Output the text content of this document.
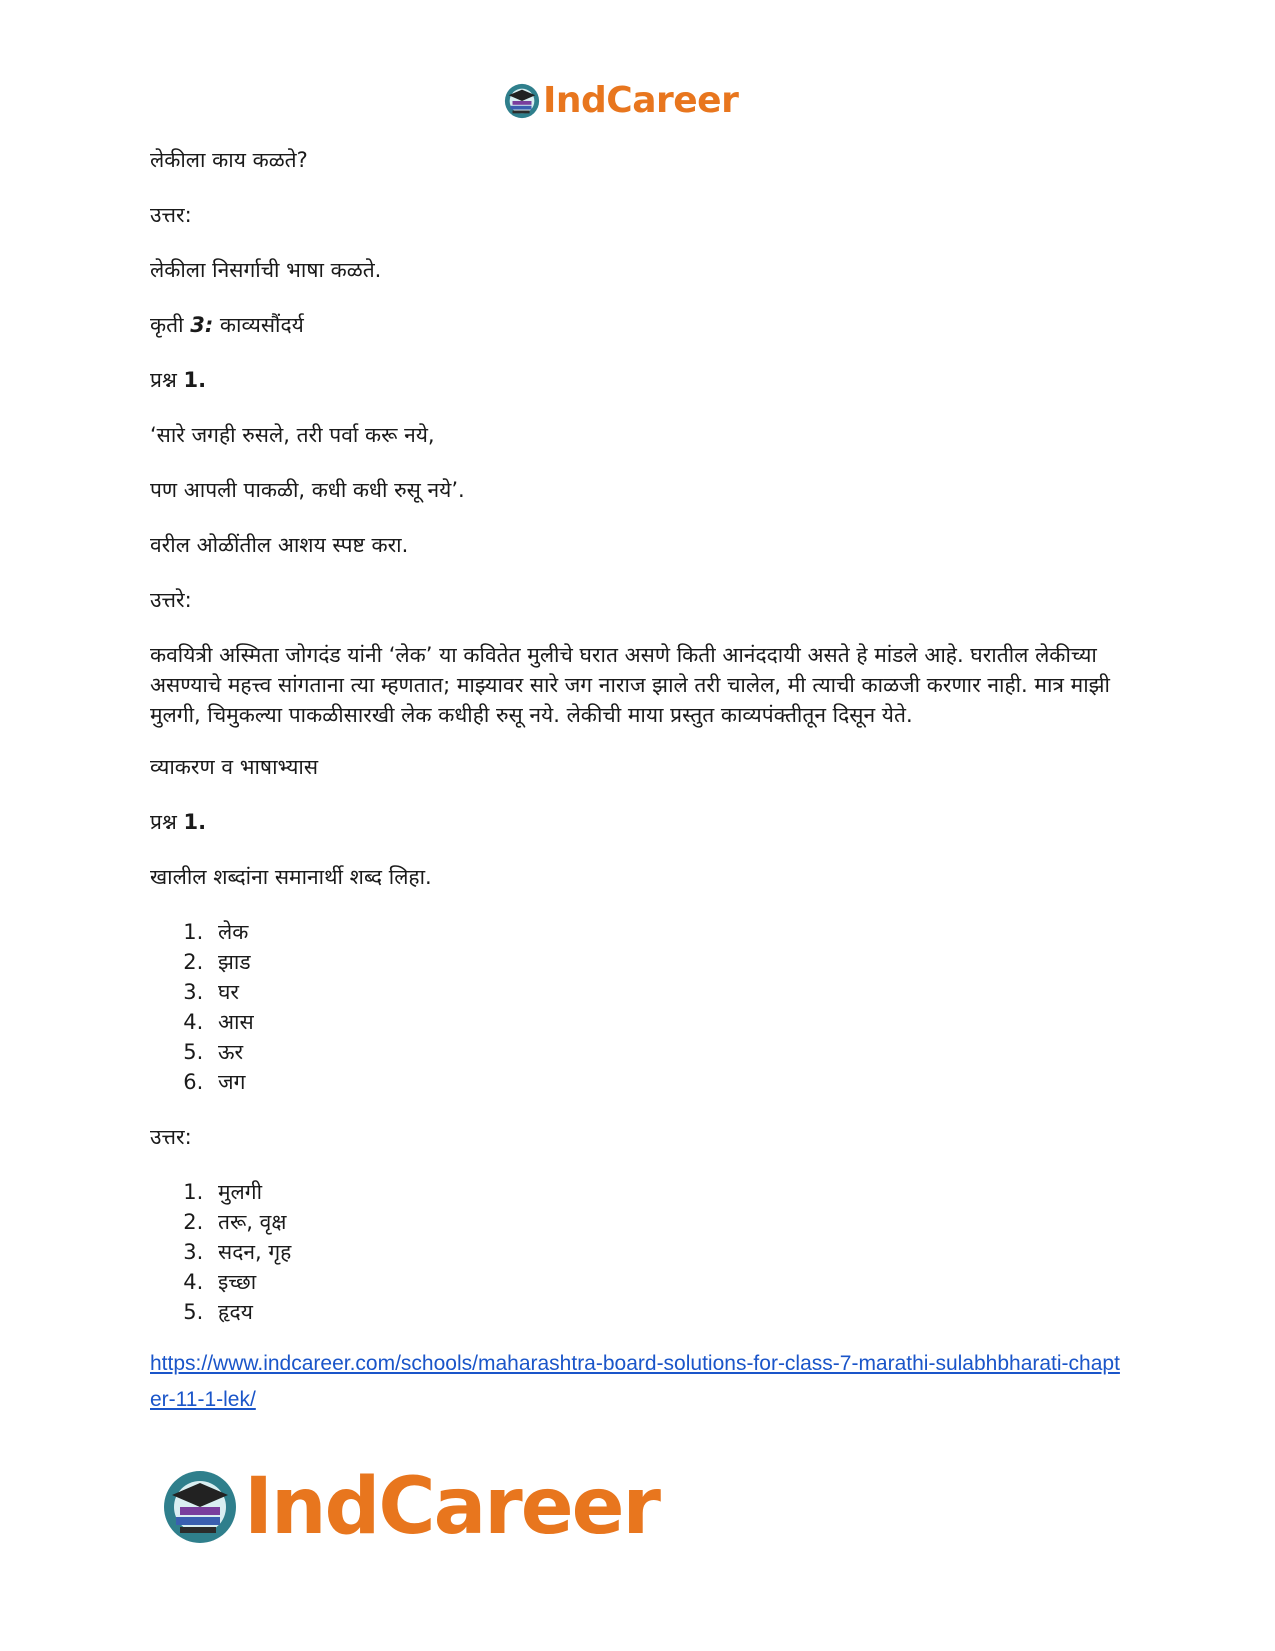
IndCareer

लेकीला काय कळते?

उत्तर:

लेकीला निसर्गाची भाषा कळते.

कृती 3: काव्यसौंदर्य

प्रश्न 1.

‘सारे जगही रुसले, तरी पर्वा करू नये,

पण आपली पाकळी, कधी कधी रुसू नये’.

वरील ओळींतील आशय स्पष्ट करा.

उत्तरे:

कवयित्री अस्मिता जोगदंड यांनी ‘लेक’ या कवितेत मुलीचे घरात असणे किती आनंददायी असते हे मांडले आहे. घरातील लेकीच्या असण्याचे महत्त्व सांगताना त्या म्हणतात; माझ्यावर सारे जग नाराज झाले तरी चालेल, मी त्याची काळजी करणार नाही. मात्र माझी मुलगी, चिमुकल्या पाकळीसारखी लेक कधीही रुसू नये. लेकीची माया प्रस्तुत काव्यपंक्तीतून दिसून येते.

व्याकरण व भाषाभ्यास

प्रश्न 1.

खालील शब्दांना समानार्थी शब्द लिहा.

1. लेक
2. झाड
3. घर
4. आस
5. ऊर
6. जग

उत्तर:

1. मुलगी
2. तरू, वृक्ष
3. सदन, गृह
4. इच्छा
5. हृदय
https://www.indcareer.com/schools/maharashtra-board-solutions-for-class-7-marathi-sulabhbharati-chapter-11-1-lek/
IndCareer
